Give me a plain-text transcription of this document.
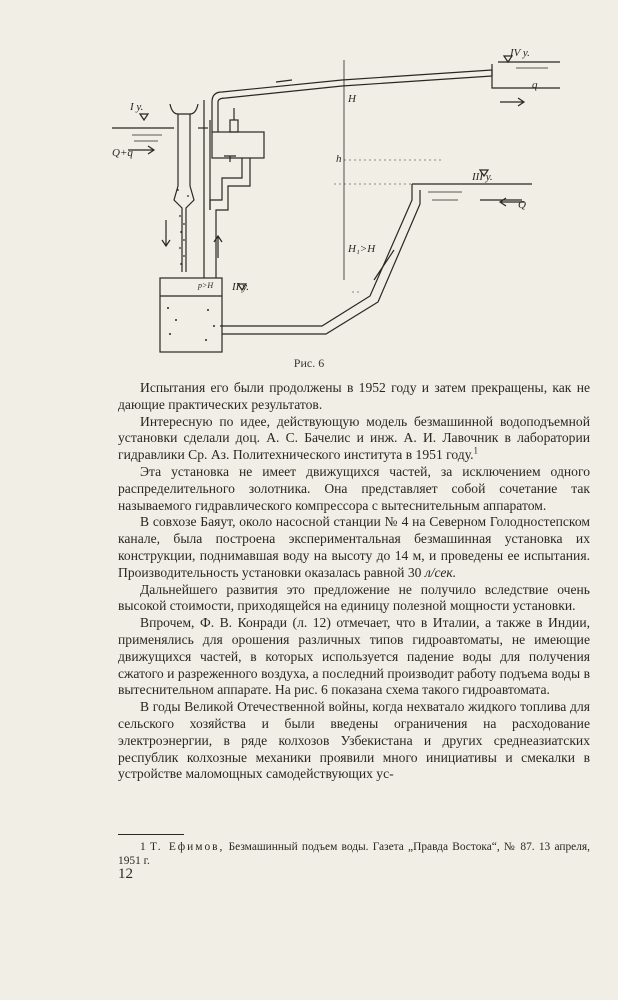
I у.
Q+q
II у.
III у.
IV у.
q
Q
H
h
H₁>H
p>H
Рис. 6

Испытания его были продолжены в 1952 году и затем прекращены, как не дающие практических результатов.

Интересную по идее, действующую модель безмашинной водоподъемной установки сделали доц. А. С. Бачелис и инж. А. И. Лавочник в лаборатории гидравлики Ср. Аз. Политехнического института в 1951 году.$^1$

Эта установка не имеет движущихся частей, за исключением одного распределительного золотника. Она представляет собой сочетание так называемого гидравлического компрессора с вытеснительным аппаратом.

В совхозе Баяут, около насосной станции № 4 на Северном Голодностепском канале, была построена экспериментальная безмашинная установка их конструкции, поднимавшая воду на высоту до 14 м, и проведены ее испытания. Производительность установки оказалась равной 30 л/сек.

Дальнейшего развития это предложение не получило вследствие очень высокой стоимости, приходящейся на единицу полезной мощности установки.

Впрочем, Ф. В. Конради (л. 12) отмечает, что в Италии, а также в Индии, применялись для орошения различных типов гидроавтоматы, не имеющие движущихся частей, в которых используется падение воды для получения сжатого и разреженного воздуха, а последний производит работу подъема воды в вытеснительном аппарате. На рис. 6 показана схема такого гидроавтомата.

В годы Великой Отечественной войны, когда нехватало жидкого топлива для сельского хозяйства и были введены ограничения на расходование электроэнергии, в ряде колхозов Узбекистана и других среднеазиатских республик колхозные механики проявили много инициативы и смекалки в устройстве маломощных самодействующих ус-

1 Т. Ефимов, Безмашинный подъем воды. Газета „Правда Востока“, № 87. 13 апреля, 1951 г.

12
